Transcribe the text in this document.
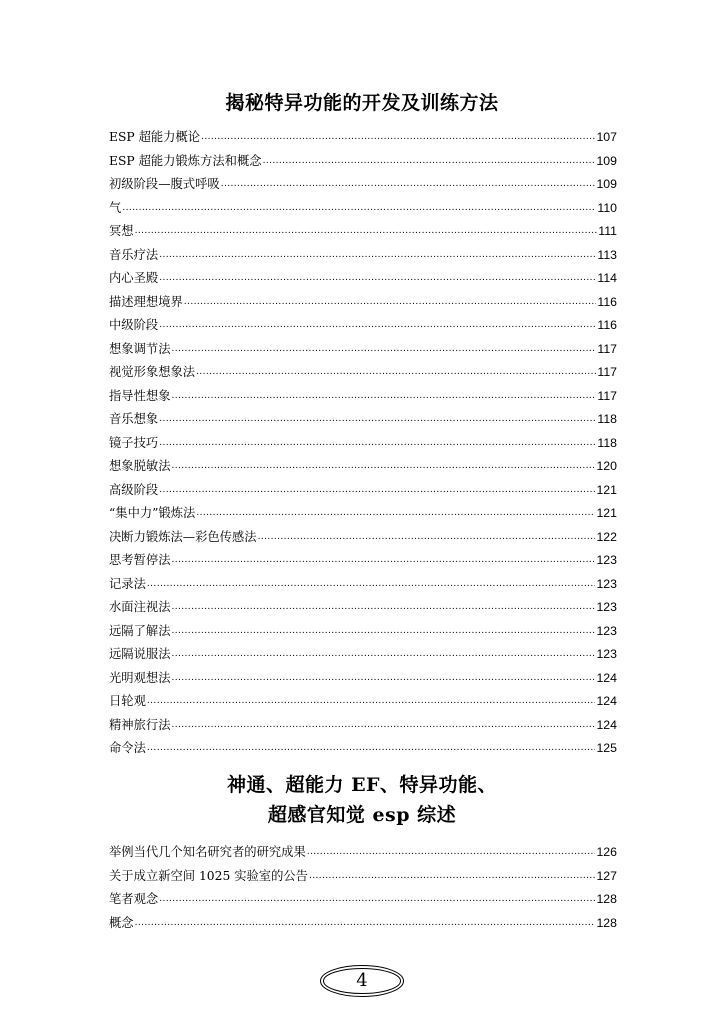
揭秘特异功能的开发及训练方法
ESP 超能力概论 .....	107
ESP 超能力锻炼方法和概念 .....	109
初级阶段—腹式呼吸 .....	109
气 .....	110
冥想 .....	111
音乐疗法 .....	113
内心圣殿 .....	114
描述理想境界 .....	116
中级阶段 .....	116
想象调节法 .....	117
视觉形象想象法 .....	117
指导性想象 .....	117
音乐想象 .....	118
镜子技巧 .....	118
想象脱敏法 .....	120
高级阶段 .....	121
“集中力”锻炼法 .....	121
决断力锻炼法—彩色传感法 .....	122
思考暂停法 .....	123
记录法 .....	123
水面注视法 .....	123
远隔了解法 .....	123
远隔说服法 .....	123
光明观想法 .....	124
日轮观 .....	124
精神旅行法 .....	124
命令法 .....	125
神通、超能力 EF、特异功能、
超感官知觉 esp 综述
举例当代几个知名研究者的研究成果 .....	126
关于成立新空间 1025 实验室的公告 .....	127
笔者观念 .....	128
概念 .....	128
4
